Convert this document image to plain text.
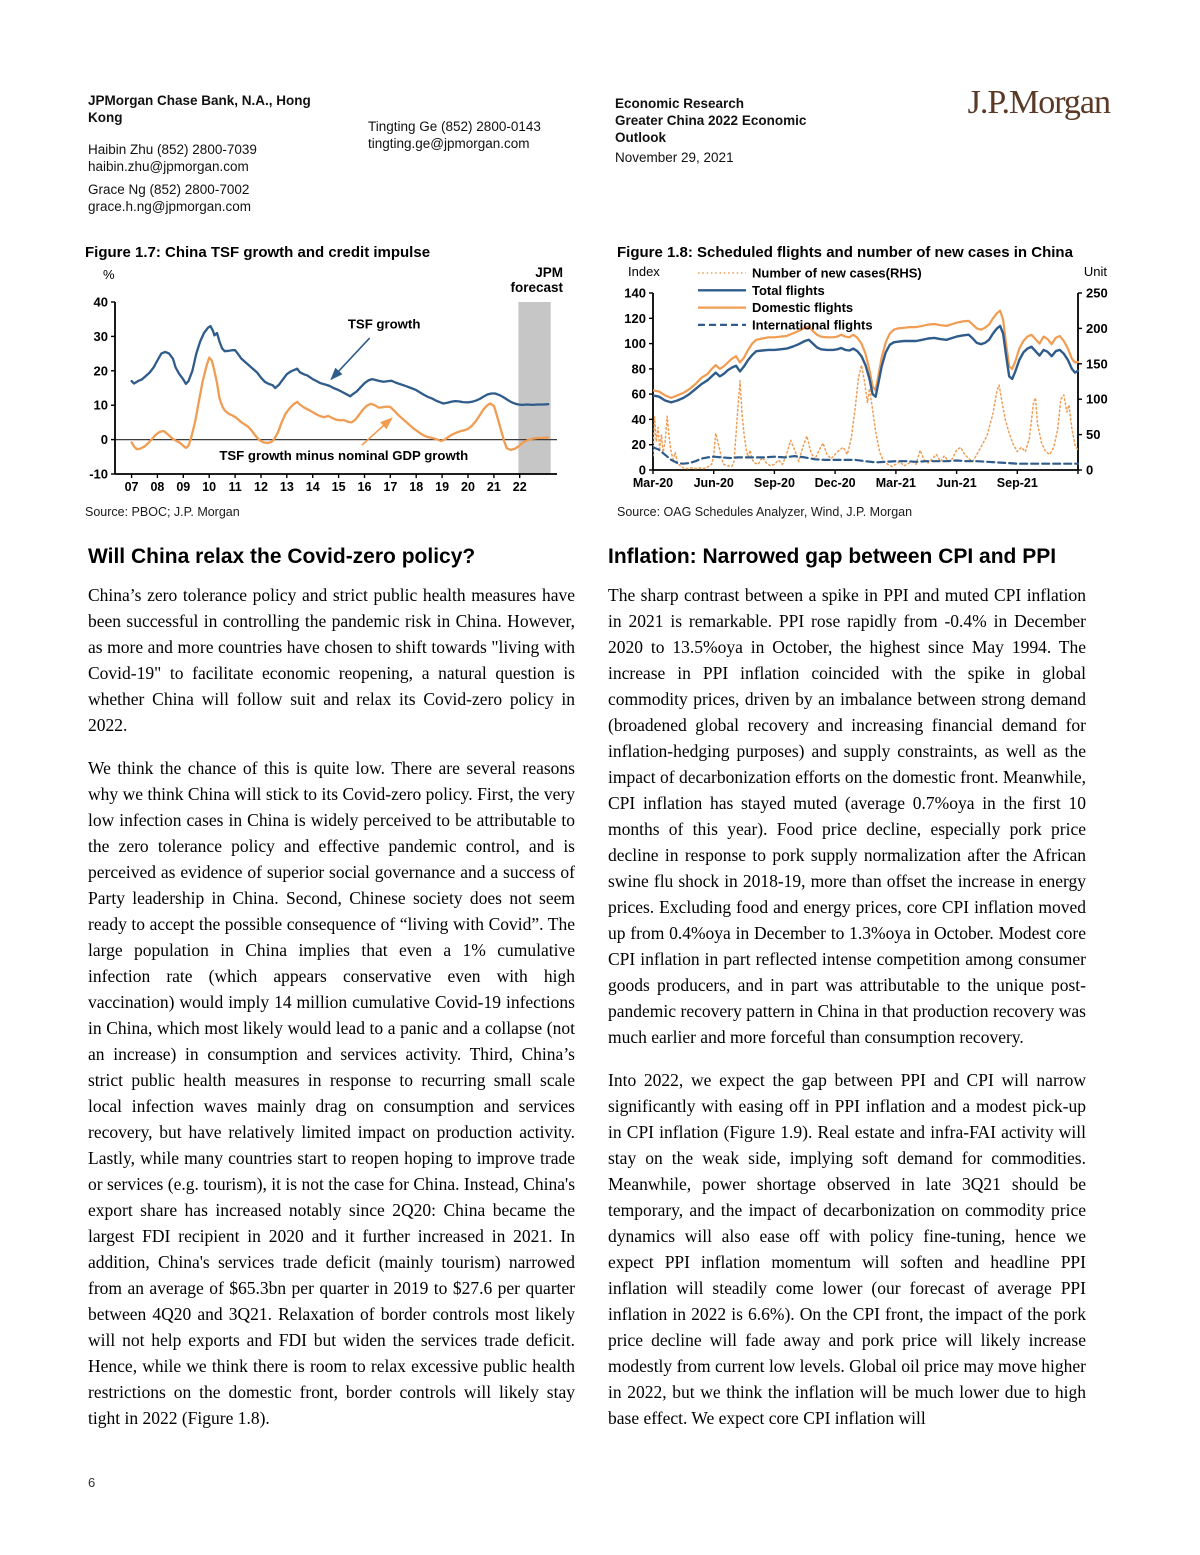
JPMorgan Chase Bank, N.A., Hong Kong
Haibin Zhu (852) 2800-7039
haibin.zhu@jpmorgan.com
Grace Ng (852) 2800-7002
grace.h.ng@jpmorgan.com
Tingting Ge (852) 2800-0143
tingting.ge@jpmorgan.com
Economic Research
Greater China 2022 Economic Outlook
November 29, 2021
J.P.Morgan
Figure 1.7: China TSF growth and credit impulse
40
30
20
10
0
-10
07 08 09 10 11 12 13 14 15 16 17 18 19 20 21 22
%
TSF growth
TSF growth minus nominal GDP growth
JPM
forecast
Source: PBOC; J.P. Morgan
Figure 1.8: Scheduled flights and number of new cases in China
140
120
100
80
60
40
20
0
250
200
150
100
50
0
Mar-20 Jun-20 Sep-20 Dec-20 Mar-21 Jun-21 Sep-21
Index	Unit
Number of new cases(RHS)
Total flights
Domestic flights
International flights
Source: OAG Schedules Analyzer, Wind, J.P. Morgan
Will China relax the Covid-zero policy?

China’s zero tolerance policy and strict public health measures have been successful in controlling the pandemic risk in China. However, as more and more countries have chosen to shift towards "living with Covid-19" to facilitate economic reopening, a natural question is whether China will follow suit and relax its Covid-zero policy in 2022.

We think the chance of this is quite low. There are several reasons why we think China will stick to its Covid-zero policy. First, the very low infection cases in China is widely perceived to be attributable to the zero tolerance policy and effective pandemic control, and is perceived as evidence of superior social governance and a success of Party leadership in China. Second, Chinese society does not seem ready to accept the possible consequence of “living with Covid”. The large population in China implies that even a 1% cumulative infection rate (which appears conservative even with high vaccination) would imply 14 million cumulative Covid-19 infections in China, which most likely would lead to a panic and a collapse (not an increase) in consumption and services activity. Third, China’s strict public health measures in response to recurring small scale local infection waves mainly drag on consumption and services recovery, but have relatively limited impact on production activity. Lastly, while many countries start to reopen hoping to improve trade or services (e.g. tourism), it is not the case for China. Instead, China's export share has increased notably since 2Q20: China became the largest FDI recipient in 2020 and it further increased in 2021. In addition, China's services trade deficit (mainly tourism) narrowed from an average of $65.3bn per quarter in 2019 to $27.6 per quarter between 4Q20 and 3Q21. Relaxation of border controls most likely will not help exports and FDI but widen the services trade deficit. Hence, while we think there is room to relax excessive public health restrictions on the domestic front, border controls will likely stay tight in 2022 (Figure 1.8).

Inflation: Narrowed gap between CPI and PPI

The sharp contrast between a spike in PPI and muted CPI inflation in 2021 is remarkable. PPI rose rapidly from -0.4% in December 2020 to 13.5%oya in October, the highest since May 1994. The increase in PPI inflation coincided with the spike in global commodity prices, driven by an imbalance between strong demand (broadened global recovery and increasing financial demand for inflation-hedging purposes) and supply constraints, as well as the impact of decarbonization efforts on the domestic front. Meanwhile, CPI inflation has stayed muted (average 0.7%oya in the first 10 months of this year). Food price decline, especially pork price decline in response to pork supply normalization after the African swine flu shock in 2018-19, more than offset the increase in energy prices. Excluding food and energy prices, core CPI inflation moved up from 0.4%oya in December to 1.3%oya in October. Modest core CPI inflation in part reflected intense competition among consumer goods producers, and in part was attributable to the unique post-pandemic recovery pattern in China in that production recovery was much earlier and more forceful than consumption recovery.

Into 2022, we expect the gap between PPI and CPI will narrow significantly with easing off in PPI inflation and a modest pick-up in CPI inflation (Figure 1.9). Real estate and infra-FAI activity will stay on the weak side, implying soft demand for commodities. Meanwhile, power shortage observed in late 3Q21 should be temporary, and the impact of decarbonization on commodity price dynamics will also ease off with policy fine-tuning, hence we expect PPI inflation momentum will soften and headline PPI inflation will steadily come lower (our forecast of average PPI inflation in 2022 is 6.6%). On the CPI front, the impact of the pork price decline will fade away and pork price will likely increase modestly from current low levels. Global oil price may move higher in 2022, but we think the inflation will be much lower due to high base effect. We expect core CPI inflation will

6
